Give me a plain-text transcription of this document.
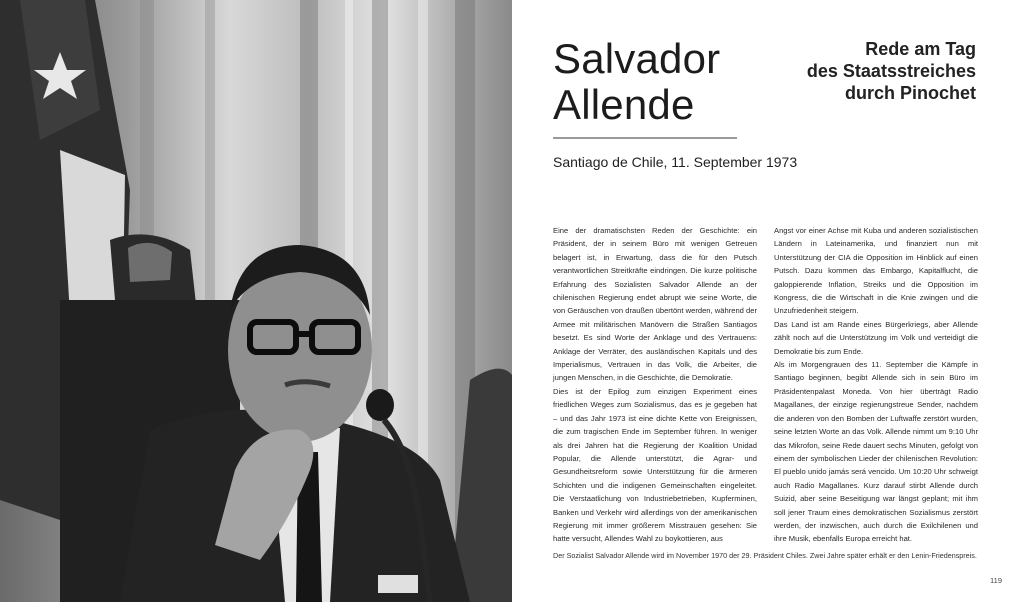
Salvador
Allende
Rede am Tag
des Staatsstreiches
durch Pinochet

Santiago de Chile, 11. September 1973

Eine der dramatischsten Reden der Geschichte: ein Präsident, der in seinem Büro mit wenigen Getreuen belagert ist, in Erwartung, dass die für den Putsch verantwortlichen Streitkräfte eindringen. Die kurze politische Erfahrung des Sozialisten Salvador Allende an der chilenischen Regierung endet abrupt wie seine Worte, die von Geräuschen von draußen übertönt werden, während der Armee mit militärischen Manövern die Straßen Santiagos besetzt. Es sind Worte der Anklage und des Vertrauens: Anklage der Verräter, des ausländischen Kapitals und des Imperialismus, Vertrauen in das Volk, die Arbeiter, die jungen Menschen, in die Geschichte, die Demokratie.

Dies ist der Epilog zum einzigen Experiment eines friedlichen Weges zum Sozialismus, das es je gegeben hat – und das Jahr 1973 ist eine dichte Kette von Ereignissen, die zum tragischen Ende im September führen. In weniger als drei Jahren hat die Regierung der Koalition Unidad Popular, die Allende unterstützt, die Agrar- und Gesundheitsreform sowie Unterstützung für die ärmeren Schichten und die indigenen Gemeinschaften eingeleitet. Die Verstaatlichung von Industriebetrieben, Kupferminen, Banken und Verkehr wird allerdings von der amerikanischen Regierung mit immer größerem Misstrauen gesehen: Sie hatte versucht, Allendes Wahl zu boykottieren, aus

Angst vor einer Achse mit Kuba und anderen sozialistischen Ländern in Lateinamerika, und finanziert nun mit Unterstützung der CIA die Opposition im Hinblick auf einen Putsch. Dazu kommen das Embargo, Kapitalflucht, die galoppierende Inflation, Streiks und die Opposition im Kongress, die die Wirtschaft in die Knie zwingen und die Unzufriedenheit steigern.

Das Land ist am Rande eines Bürgerkriegs, aber Allende zählt noch auf die Unterstützung im Volk und verteidigt die Demokratie bis zum Ende.

Als im Morgengrauen des 11. September die Kämpfe in Santiago beginnen, begibt Allende sich in sein Büro im Präsidentenpalast Moneda. Von hier überträgt Radio Magallanes, der einzige regierungstreue Sender, nachdem die anderen von den Bomben der Luftwaffe zerstört wurden, seine letzten Worte an das Volk. Allende nimmt um 9:10 Uhr das Mikrofon, seine Rede dauert sechs Minuten, gefolgt von einem der symbolischen Lieder der chilenischen Revolution: El pueblo unido jamás será vencido. Um 10:20 Uhr schweigt auch Radio Magallanes. Kurz darauf stirbt Allende durch Suizid, aber seine Beseitigung war längst geplant; mit ihm soll jener Traum eines demokratischen Sozialismus zerstört werden, der inzwischen, auch durch die Exilchilenen und ihre Musik, ebenfalls Europa erreicht hat.

Der Sozialist Salvador Allende wird im November 1970 der 29. Präsident Chiles. Zwei Jahre später erhält er den Lenin-Friedenspreis.

119
